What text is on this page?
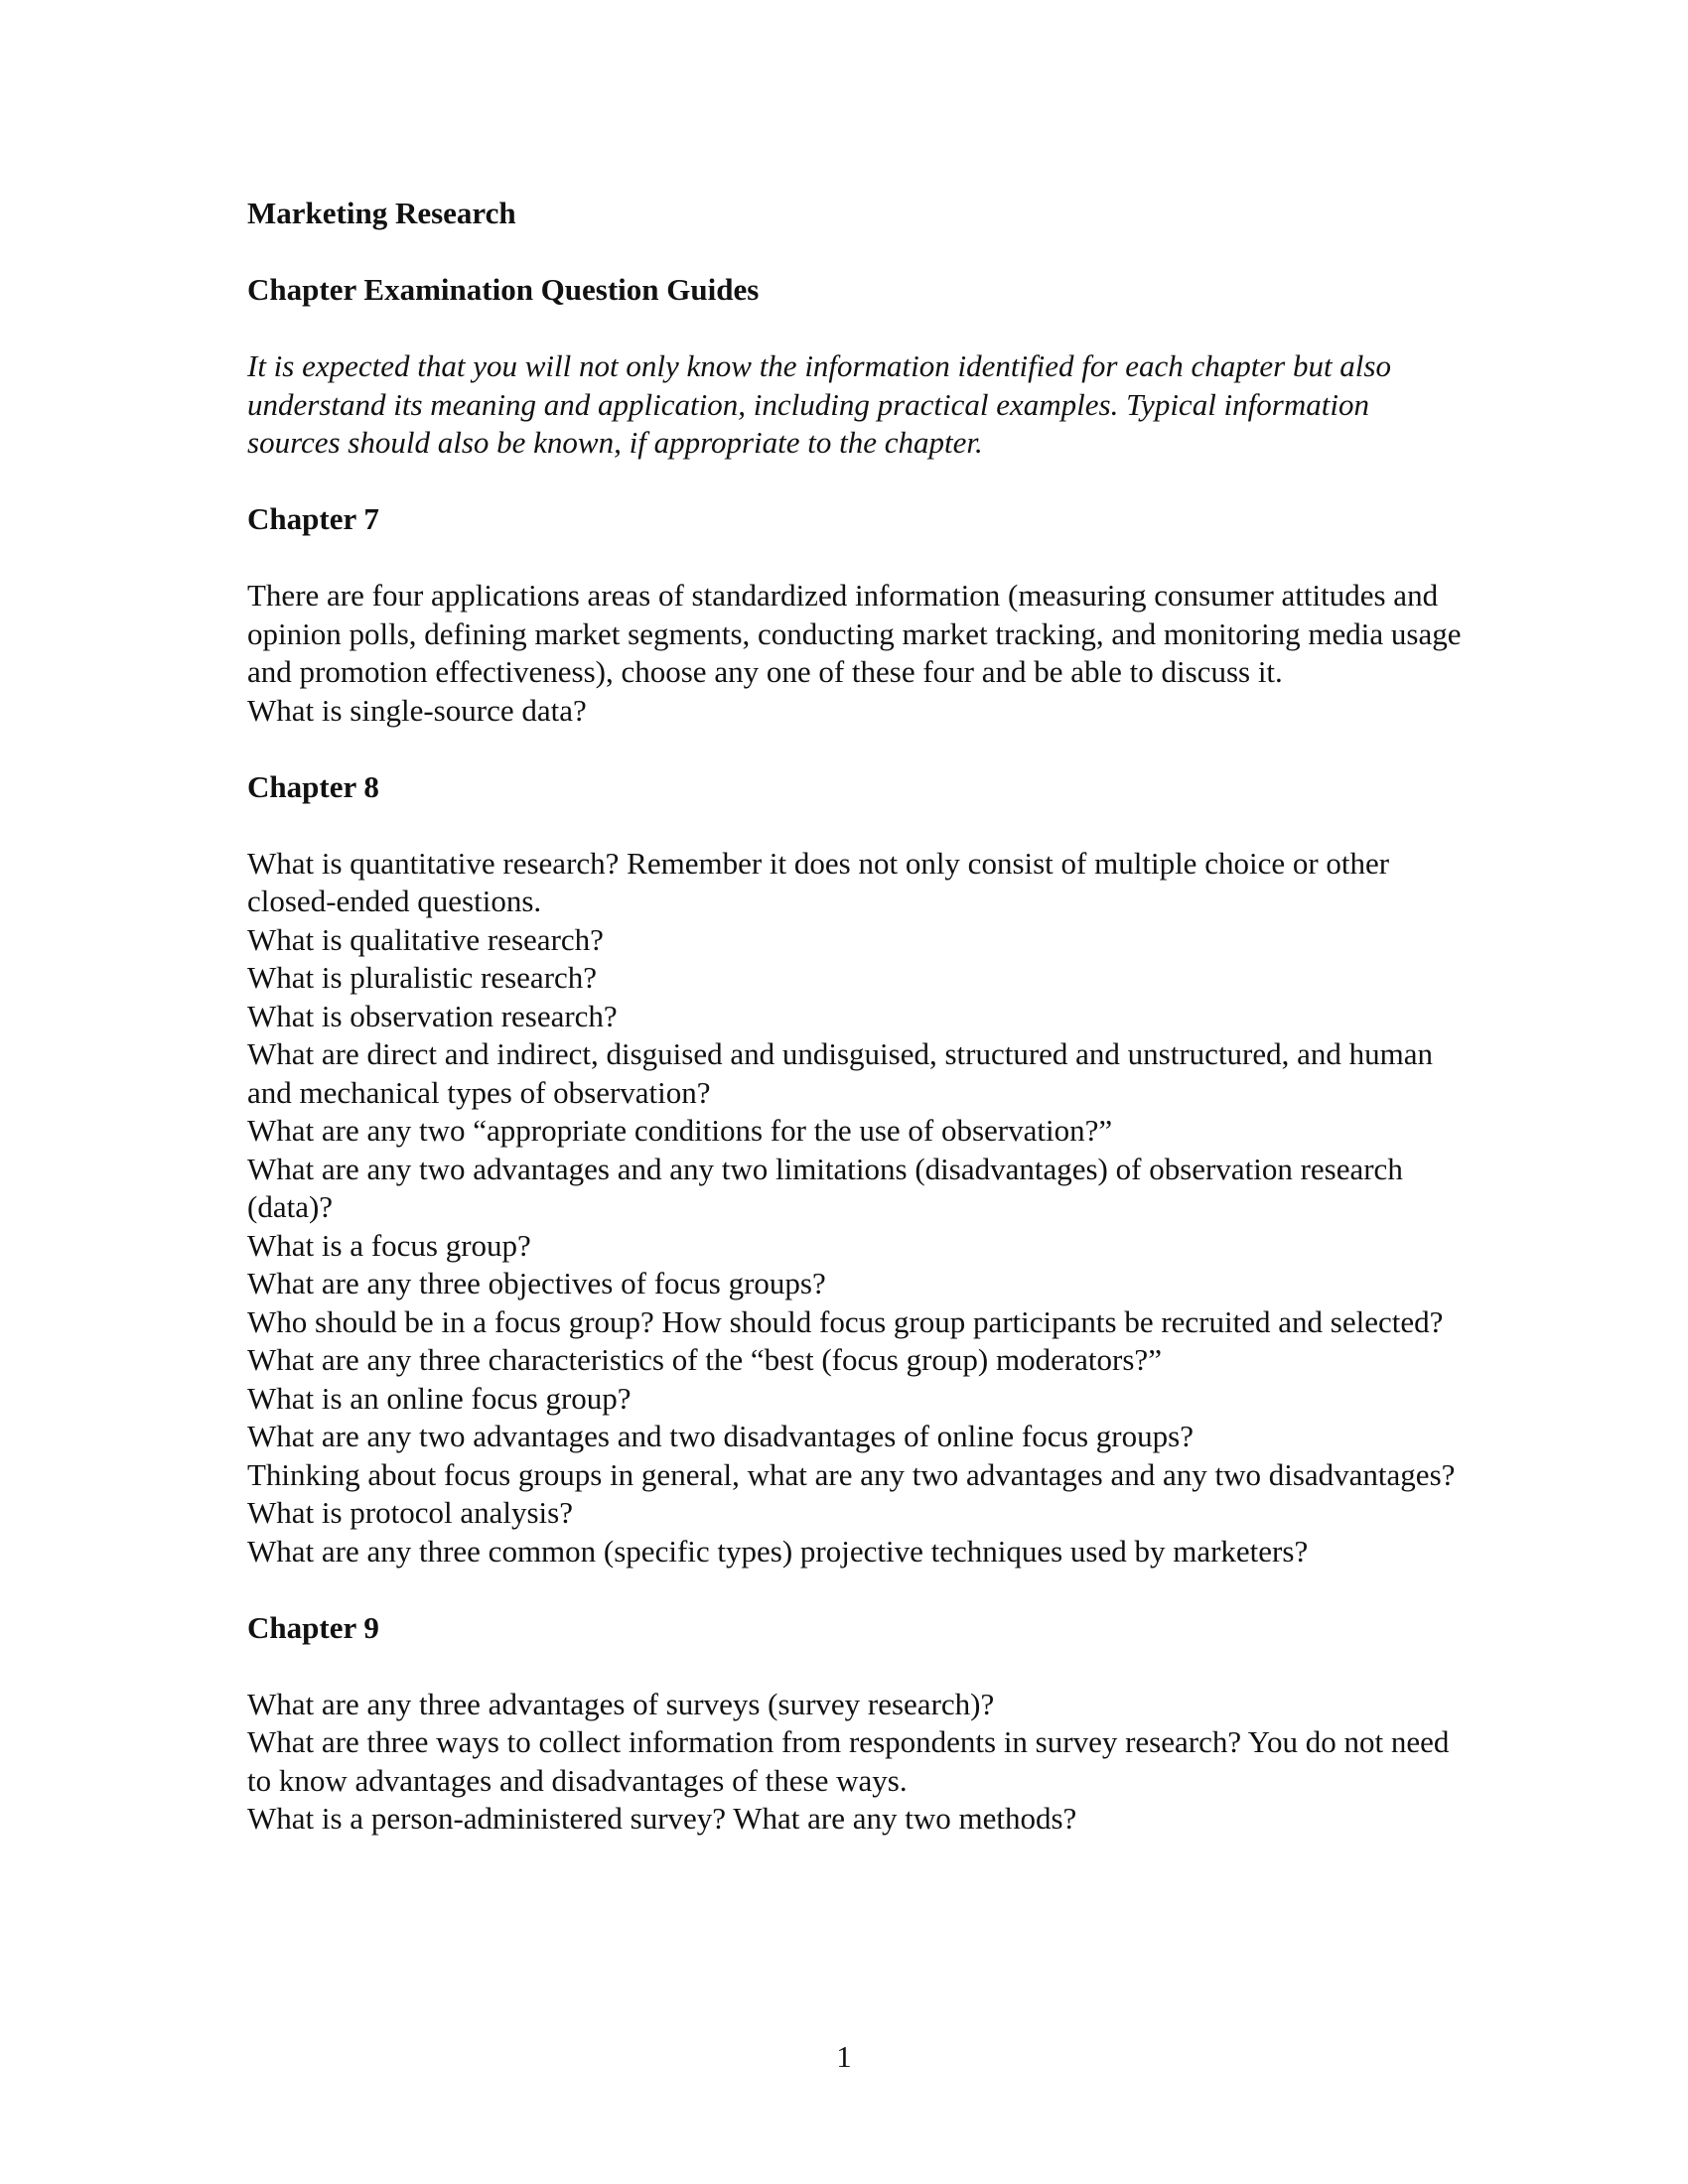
Marketing Research

Chapter Examination Question Guides

It is expected that you will not only know the information identified for each chapter but also understand its meaning and application, including practical examples. Typical information sources should also be known, if appropriate to the chapter.

Chapter 7

There are four applications areas of standardized information (measuring consumer attitudes and opinion polls, defining market segments, conducting market tracking, and monitoring media usage and promotion effectiveness), choose any one of these four and be able to discuss it.

What is single-source data?

Chapter 8

What is quantitative research? Remember it does not only consist of multiple choice or other closed-ended questions.

What is qualitative research?

What is pluralistic research?

What is observation research?

What are direct and indirect, disguised and undisguised, structured and unstructured, and human and mechanical types of observation?

What are any two “appropriate conditions for the use of observation?”

What are any two advantages and any two limitations (disadvantages) of observation research (data)?

What is a focus group?

What are any three objectives of focus groups?

Who should be in a focus group? How should focus group participants be recruited and selected?

What are any three characteristics of the “best (focus group) moderators?”

What is an online focus group?

What are any two advantages and two disadvantages of online focus groups?

Thinking about focus groups in general, what are any two advantages and any two disadvantages?

What is protocol analysis?

What are any three common (specific types) projective techniques used by marketers?

Chapter 9

What are any three advantages of surveys (survey research)?

What are three ways to collect information from respondents in survey research? You do not need to know advantages and disadvantages of these ways.

What is a person-administered survey? What are any two methods?

1
